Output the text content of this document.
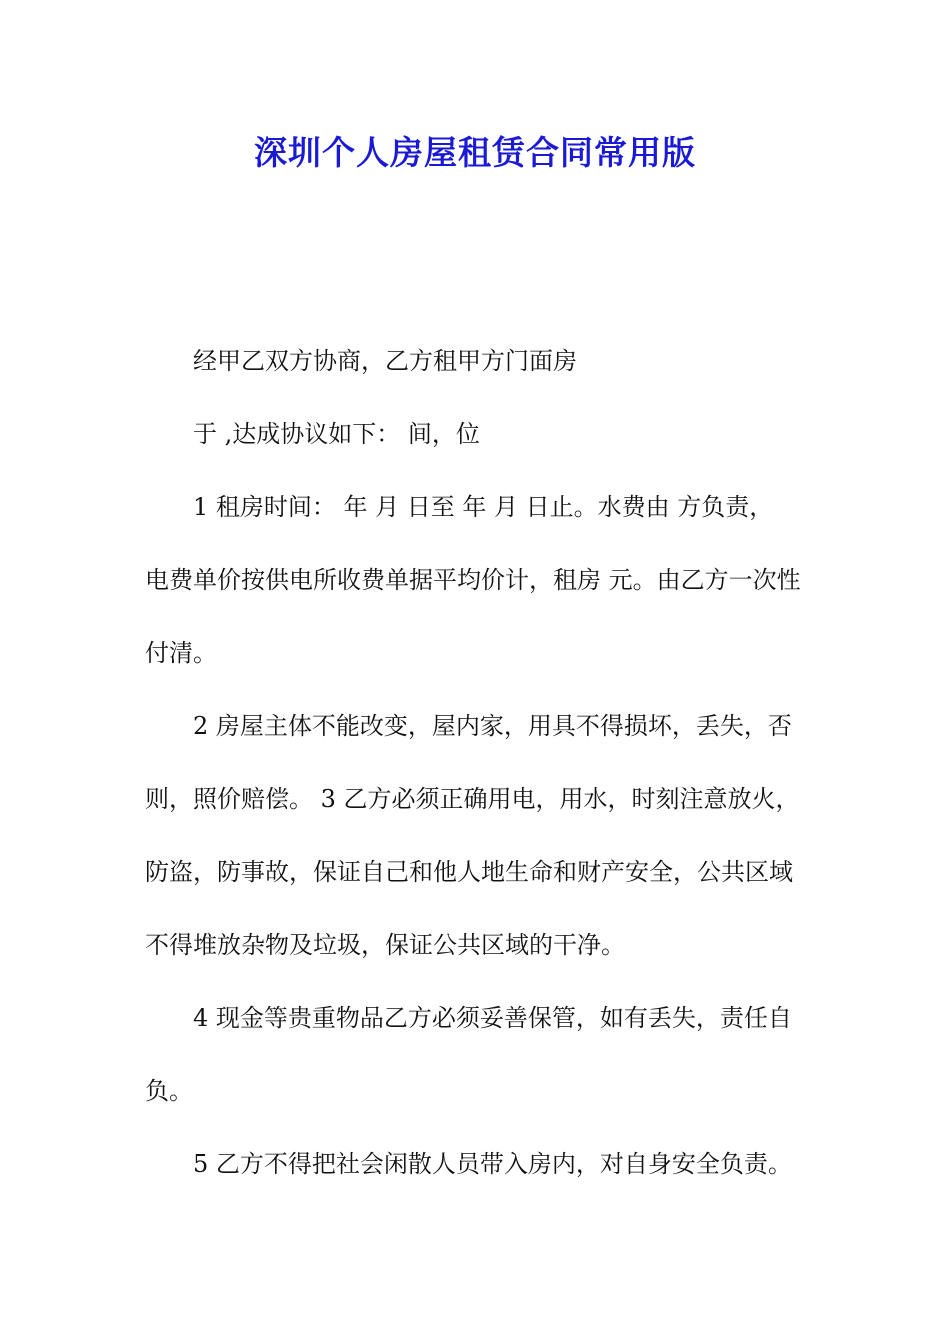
深圳个人房屋租赁合同常用版
经甲乙双方协商，乙方租甲方门面房
于 ,达成协议如下： 间，位
1 租房时间： 年 月 日至 年 月 日止。水费由 方负责，
电费单价按供电所收费单据平均价计，租房 元。由乙方一次性
付清。
2 房屋主体不能改变，屋内家，用具不得损坏，丢失，否
则，照价赔偿。 3 乙方必须正确用电，用水，时刻注意放火，
防盗，防事故，保证自己和他人地生命和财产安全，公共区域
不得堆放杂物及垃圾，保证公共区域的干净。
4 现金等贵重物品乙方必须妥善保管，如有丢失，责任自
负。
5 乙方不得把社会闲散人员带入房内，对自身安全负责。
